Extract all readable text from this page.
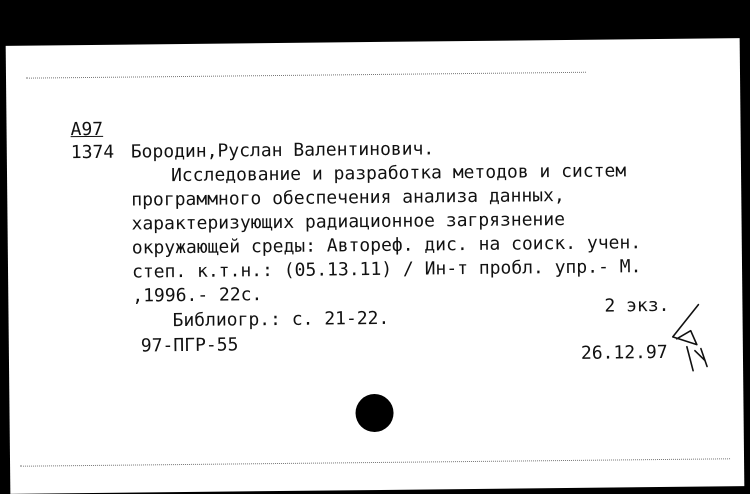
А97
1374 Бородин,Руслан Валентинович.
Исследование и разработка методов и систем
программного обеспечения анализа данных,
характеризующих радиационное загрязнение
окружающей среды: Автореф. дис. на соиск. учен.
степ. к.т.н.: (05.13.11) / Ин-т пробл. упр.- М.
,1996.- 22с.	2 экз.
Библиогр.: с. 21-22.
97-ПГР-55	26.12.97
